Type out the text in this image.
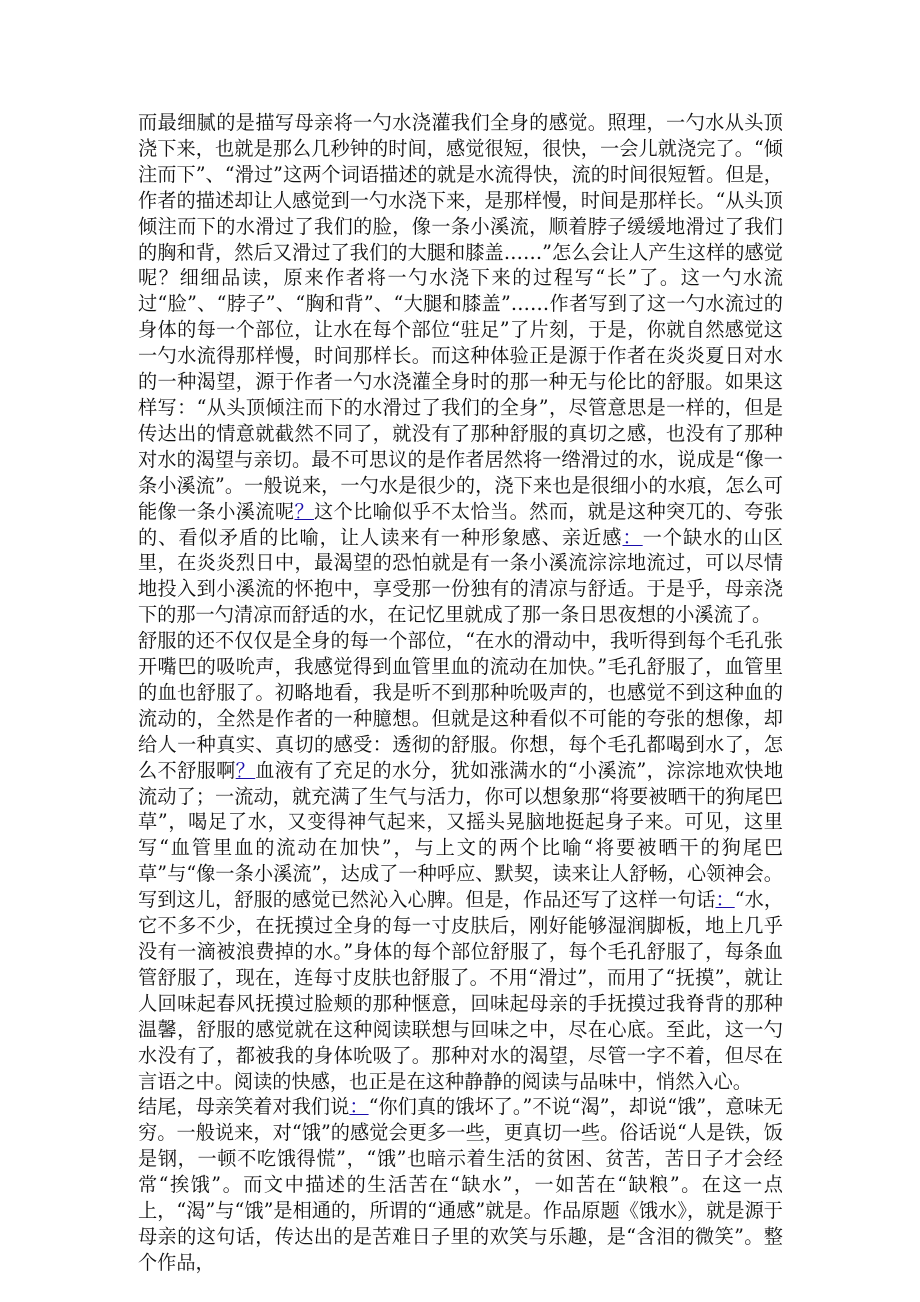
而最细腻的是描写母亲将一勺水浇灌我们全身的感觉。照理，一勺水从头顶浇下来，也就是那么几秒钟的时间，感觉很短，很快，一会儿就浇完了。“倾注而下”、“滑过”这两个词语描述的就是水流得快，流的时间很短暂。但是，作者的描述却让人感觉到一勺水浇下来，是那样慢，时间是那样长。“从头顶倾注而下的水滑过了我们的脸，像一条小溪流，顺着脖子缓缓地滑过了我们的胸和背，然后又滑过了我们的大腿和膝盖……”怎么会让人产生这样的感觉呢？细细品读，原来作者将一勺水浇下来的过程写“长”了。这一勺水流过“脸”、“脖子”、“胸和背”、“大腿和膝盖”……作者写到了这一勺水流过的身体的每一个部位，让水在每个部位“驻足”了片刻，于是，你就自然感觉这一勺水流得那样慢，时间那样长。而这种体验正是源于作者在炎炎夏日对水的一种渴望，源于作者一勺水浇灌全身时的那一种无与伦比的舒服。如果这样写：“从头顶倾注而下的水滑过了我们的全身”，尽管意思是一样的，但是传达出的情意就截然不同了，就没有了那种舒服的真切之感，也没有了那种对水的渴望与亲切。最不可思议的是作者居然将一绺滑过的水，说成是“像一条小溪流”。一般说来，一勺水是很少的，浇下来也是很细小的水痕，怎么可能像一条小溪流呢？这个比喻似乎不太恰当。然而，就是这种突兀的、夸张的、看似矛盾的比喻，让人读来有一种形象感、亲近感：一个缺水的山区里，在炎炎烈日中，最渴望的恐怕就是有一条小溪流淙淙地流过，可以尽情地投入到小溪流的怀抱中，享受那一份独有的清凉与舒适。于是乎，母亲浇下的那一勺清凉而舒适的水，在记忆里就成了那一条日思夜想的小溪流了。

舒服的还不仅仅是全身的每一个部位，“在水的滑动中，我听得到每个毛孔张开嘴巴的吸吮声，我感觉得到血管里血的流动在加快。”毛孔舒服了，血管里的血也舒服了。初略地看，我是听不到那种吮吸声的，也感觉不到这种血的流动的，全然是作者的一种臆想。但就是这种看似不可能的夸张的想像，却给人一种真实、真切的感受：透彻的舒服。你想，每个毛孔都喝到水了，怎么不舒服啊？血液有了充足的水分，犹如涨满水的“小溪流”，淙淙地欢快地流动了；一流动，就充满了生气与活力，你可以想象那“将要被晒干的狗尾巴草”，喝足了水，又变得神气起来，又摇头晃脑地挺起身子来。可见，这里写“血管里血的流动在加快”，与上文的两个比喻“将要被晒干的狗尾巴草”与“像一条小溪流”，达成了一种呼应、默契，读来让人舒畅，心领神会。写到这儿，舒服的感觉已然沁入心脾。但是，作品还写了这样一句话：“水，它不多不少，在抚摸过全身的每一寸皮肤后，刚好能够湿润脚板，地上几乎没有一滴被浪费掉的水。”身体的每个部位舒服了，每个毛孔舒服了，每条血管舒服了，现在，连每寸皮肤也舒服了。不用“滑过”，而用了“抚摸”，就让人回味起春风抚摸过脸颊的那种惬意，回味起母亲的手抚摸过我脊背的那种温馨，舒服的感觉就在这种阅读联想与回味之中，尽在心底。至此，这一勺水没有了，都被我的身体吮吸了。那种对水的渴望，尽管一字不着，但尽在言语之中。阅读的快感，也正是在这种静静的阅读与品味中，悄然入心。

结尾，母亲笑着对我们说：“你们真的饿坏了。”不说“渴”，却说“饿”，意味无穷。一般说来，对“饿”的感觉会更多一些，更真切一些。俗话说“人是铁，饭是钢，一顿不吃饿得慌”，“饿”也暗示着生活的贫困、贫苦，苦日子才会经常“挨饿”。而文中描述的生活苦在“缺水”，一如苦在“缺粮”。在这一点上，“渴”与“饿”是相通的，所谓的“通感”就是。作品原题《饿水》，就是源于母亲的这句话，传达出的是苦难日子里的欢笑与乐趣，是“含泪的微笑”。整个作品，
